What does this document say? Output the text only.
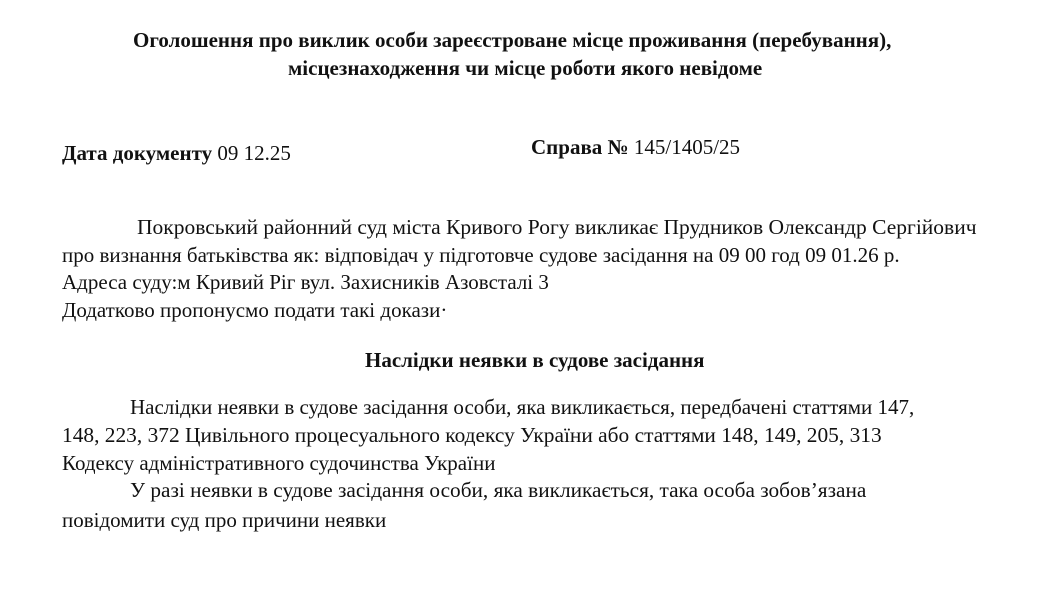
Оголошення про виклик особи зареєстроване місце проживання (перебування),
місцезнаходження чи місце роботи якого невідоме
Дата документу 09 12.25	Справа № 145/1405/25
Покровський районний суд міста Кривого Рогу викликає Прудников Олександр Сергійович
про визнання батьківства як: відповідач у підготовче судове засідання на 09 00 год 09 01.26 р.
Адреса суду:м Кривий Ріг вул. Захисників Азовсталі 3
Додатково пропонусмо подати такі докази·
Наслідки неявки в судове засідання
Наслідки неявки в судове засідання особи, яка викликається, передбачені статтями 147,
148, 223, 372 Цивільного процесуального кодексу України або статтями 148, 149, 205, 313
Кодексу адміністративного судочинства України
У разі неявки в судове засідання особи, яка викликається, така особа зобов’язана
повідомити суд про причини неявки
